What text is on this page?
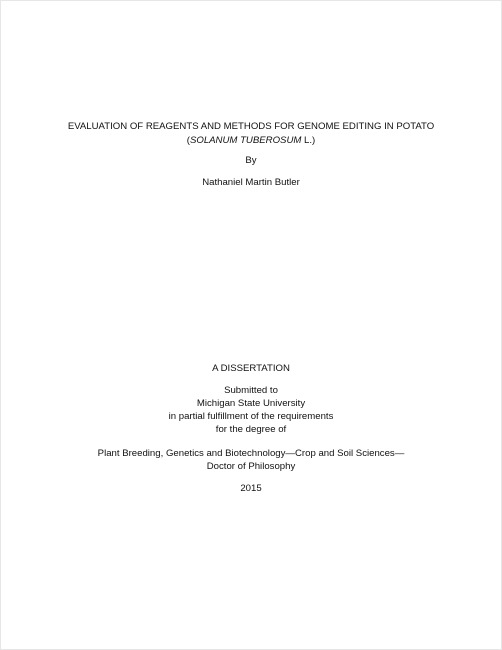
EVALUATION OF REAGENTS AND METHODS FOR GENOME EDITING IN POTATO
(SOLANUM TUBEROSUM L.)
By
Nathaniel Martin Butler
A DISSERTATION
Submitted to
Michigan State University
in partial fulfillment of the requirements
for the degree of
Plant Breeding, Genetics and Biotechnology—Crop and Soil Sciences—
Doctor of Philosophy
2015
